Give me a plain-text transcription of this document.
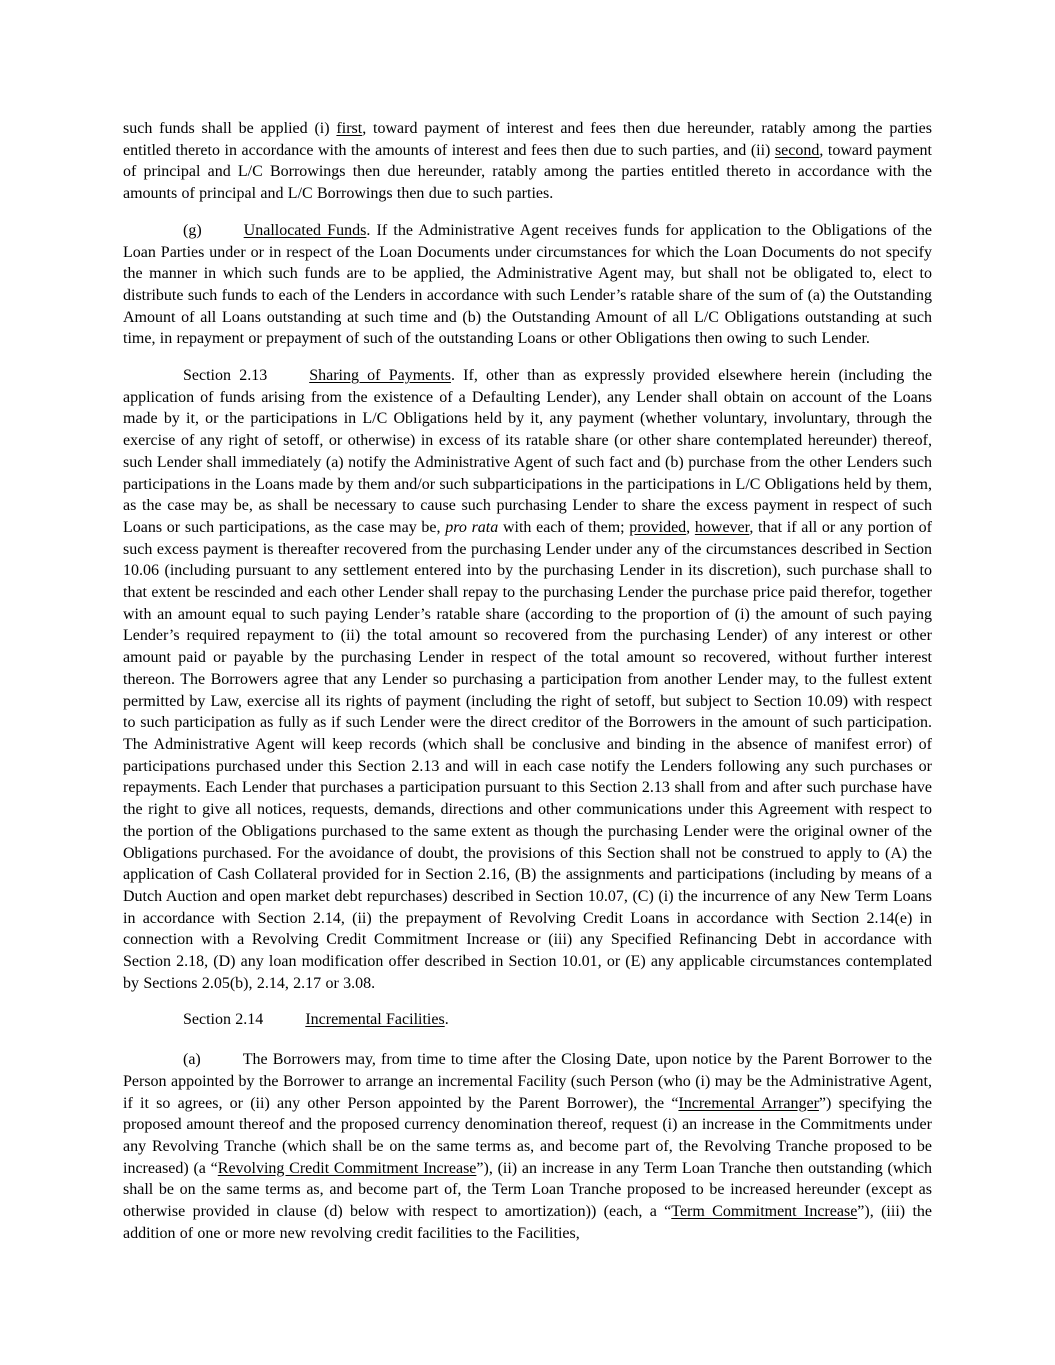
such funds shall be applied (i) first, toward payment of interest and fees then due hereunder, ratably among the parties entitled thereto in accordance with the amounts of interest and fees then due to such parties, and (ii) second, toward payment of principal and L/C Borrowings then due hereunder, ratably among the parties entitled thereto in accordance with the amounts of principal and L/C Borrowings then due to such parties.

(g)	Unallocated Funds. If the Administrative Agent receives funds for application to the Obligations of the Loan Parties under or in respect of the Loan Documents under circumstances for which the Loan Documents do not specify the manner in which such funds are to be applied, the Administrative Agent may, but shall not be obligated to, elect to distribute such funds to each of the Lenders in accordance with such Lender’s ratable share of the sum of (a) the Outstanding Amount of all Loans outstanding at such time and (b) the Outstanding Amount of all L/C Obligations outstanding at such time, in repayment or prepayment of such of the outstanding Loans or other Obligations then owing to such Lender.

Section 2.13	Sharing of Payments. If, other than as expressly provided elsewhere herein (including the application of funds arising from the existence of a Defaulting Lender), any Lender shall obtain on account of the Loans made by it, or the participations in L/C Obligations held by it, any payment (whether voluntary, involuntary, through the exercise of any right of setoff, or otherwise) in excess of its ratable share (or other share contemplated hereunder) thereof, such Lender shall immediately (a) notify the Administrative Agent of such fact and (b) purchase from the other Lenders such participations in the Loans made by them and/or such subparticipations in the participations in L/C Obligations held by them, as the case may be, as shall be necessary to cause such purchasing Lender to share the excess payment in respect of such Loans or such participations, as the case may be, pro rata with each of them; provided, however, that if all or any portion of such excess payment is thereafter recovered from the purchasing Lender under any of the circumstances described in Section 10.06 (including pursuant to any settlement entered into by the purchasing Lender in its discretion), such purchase shall to that extent be rescinded and each other Lender shall repay to the purchasing Lender the purchase price paid therefor, together with an amount equal to such paying Lender’s ratable share (according to the proportion of (i) the amount of such paying Lender’s required repayment to (ii) the total amount so recovered from the purchasing Lender) of any interest or other amount paid or payable by the purchasing Lender in respect of the total amount so recovered, without further interest thereon. The Borrowers agree that any Lender so purchasing a participation from another Lender may, to the fullest extent permitted by Law, exercise all its rights of payment (including the right of setoff, but subject to Section 10.09) with respect to such participation as fully as if such Lender were the direct creditor of the Borrowers in the amount of such participation. The Administrative Agent will keep records (which shall be conclusive and binding in the absence of manifest error) of participations purchased under this Section 2.13 and will in each case notify the Lenders following any such purchases or repayments. Each Lender that purchases a participation pursuant to this Section 2.13 shall from and after such purchase have the right to give all notices, requests, demands, directions and other communications under this Agreement with respect to the portion of the Obligations purchased to the same extent as though the purchasing Lender were the original owner of the Obligations purchased. For the avoidance of doubt, the provisions of this Section shall not be construed to apply to (A) the application of Cash Collateral provided for in Section 2.16, (B) the assignments and participations (including by means of a Dutch Auction and open market debt repurchases) described in Section 10.07, (C) (i) the incurrence of any New Term Loans in accordance with Section 2.14, (ii) the prepayment of Revolving Credit Loans in accordance with Section 2.14(e) in connection with a Revolving Credit Commitment Increase or (iii) any Specified Refinancing Debt in accordance with Section 2.18, (D) any loan modification offer described in Section 10.01, or (E) any applicable circumstances contemplated by Sections 2.05(b), 2.14, 2.17 or 3.08.

Section 2.14	Incremental Facilities.

(a)	The Borrowers may, from time to time after the Closing Date, upon notice by the Parent Borrower to the Person appointed by the Borrower to arrange an incremental Facility (such Person (who (i) may be the Administrative Agent, if it so agrees, or (ii) any other Person appointed by the Parent Borrower), the “Incremental Arranger”) specifying the proposed amount thereof and the proposed currency denomination thereof, request (i) an increase in the Commitments under any Revolving Tranche (which shall be on the same terms as, and become part of, the Revolving Tranche proposed to be increased) (a “Revolving Credit Commitment Increase”), (ii) an increase in any Term Loan Tranche then outstanding (which shall be on the same terms as, and become part of, the Term Loan Tranche proposed to be increased hereunder (except as otherwise provided in clause (d) below with respect to amortization)) (each, a “Term Commitment Increase”), (iii) the addition of one or more new revolving credit facilities to the Facilities,
